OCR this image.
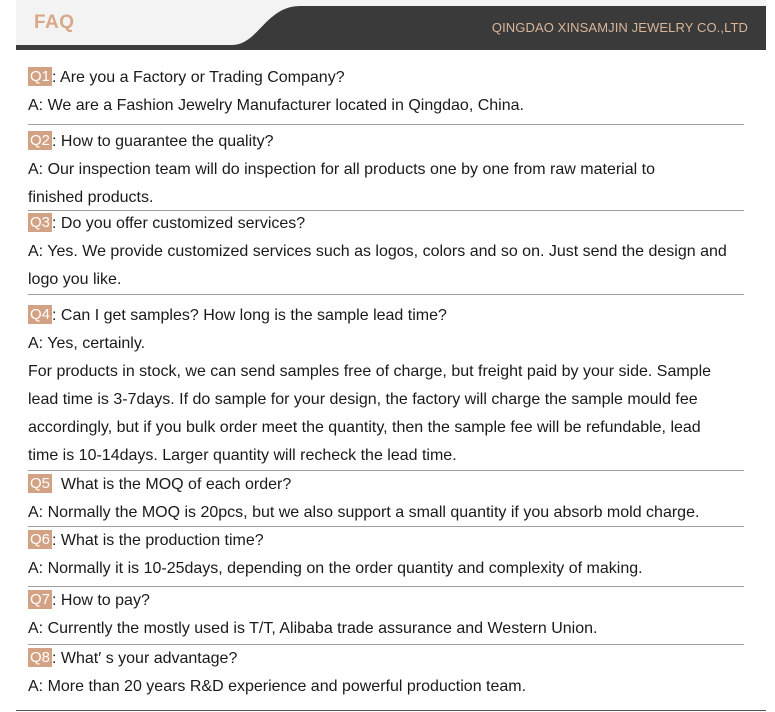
FAQ	QINGDAO XINSAMJIN JEWELRY CO.,LTD
Q1 : Are you a Factory or Trading Company?
A: We are a Fashion Jewelry Manufacturer located in Qingdao, China.
Q2 : How to guarantee the quality?
A: Our inspection team will do inspection for all products one by one from raw material to
finished products.
Q3 : Do you offer customized services?
A: Yes. We provide customized services such as logos, colors and so on. Just send the design and
logo you like.
Q4 : Can I get samples? How long is the sample lead time?
A: Yes, certainly.
For products in stock, we can send samples free of charge, but freight paid by your side. Sample
lead time is 3-7days. If do sample for your design, the factory will charge the sample mould fee
accordingly, but if you bulk order meet the quantity, then the sample fee will be refundable, lead
time is 10-14days. Larger quantity will recheck the lead time.
Q5  What is the MOQ of each order?
A: Normally the MOQ is 20pcs, but we also support a small quantity if you absorb mold charge.
Q6 : What is the production time?
A: Normally it is 10-25days, depending on the order quantity and complexity of making.
Q7 : How to pay?
A: Currently the mostly used is T/T, Alibaba trade assurance and Western Union.
Q8 : What′ s your advantage?
A: More than 20 years R&D experience and powerful production team.
